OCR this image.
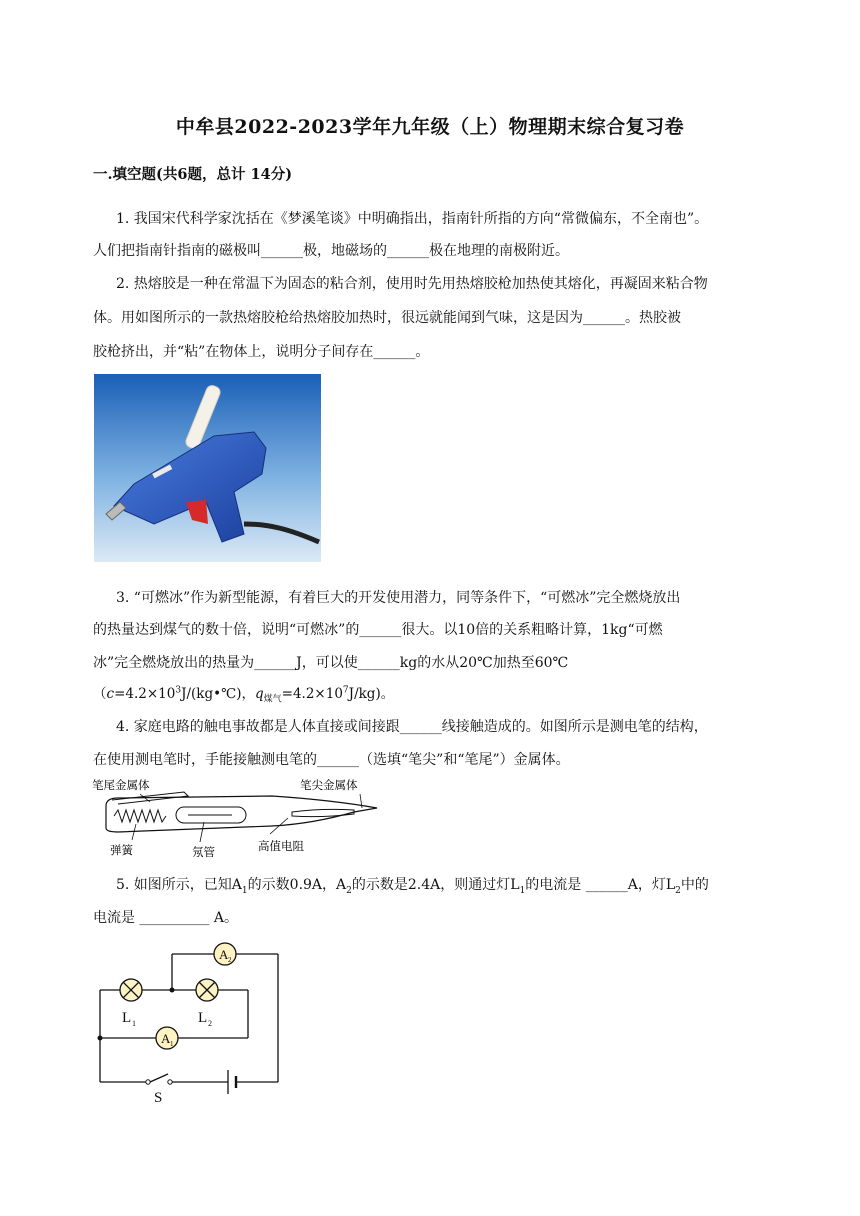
中牟县2022-2023学年九年级（上）物理期末综合复习卷
一.填空题(共6题，总计 14分)
1. 我国宋代科学家沈括在《梦溪笔谈》中明确指出，指南针所指的方向“常微偏东，不全南也”。
人们把指南针指南的磁极叫______极，地磁场的______极在地理的南极附近。
2. 热熔胶是一种在常温下为固态的粘合剂，使用时先用热熔胶枪加热使其熔化，再凝固来粘合物
体。用如图所示的一款热熔胶枪给热熔胶加热时，很远就能闻到气味，这是因为______。热胶被
胶枪挤出，并“粘”在物体上，说明分子间存在______。
3. “可燃冰”作为新型能源，有着巨大的开发使用潜力，同等条件下，“可燃冰”完全燃烧放出
的热量达到煤气的数十倍，说明“可燃冰”的______很大。以10倍的关系粗略计算，1kg“可燃
冰”完全燃烧放出的热量为______J，可以使______kg的水从20℃加热至60℃
（$c=4.2\times 10^3J/(kg•℃)$，$q_{煤气}=4.2\times 10^7J/kg$)。
4. 家庭电路的触电事故都是人体直接或间接跟______线接触造成的。如图所示是测电笔的结构，
在使用测电笔时，手能接触测电笔的______（选填“笔尖”和“笔尾”）金属体。
笔尾金属体	笔尖金属体
弹簧	氖管	高值电阻
5. 如图所示，已知$A_1$的示数0.9A，$A_2$的示数是2.4A，则通过灯$L_1$的电流是 ______A，灯$L_2$中的
电流是 __________ A。
A 2
A 1
L 1	L 2
S
